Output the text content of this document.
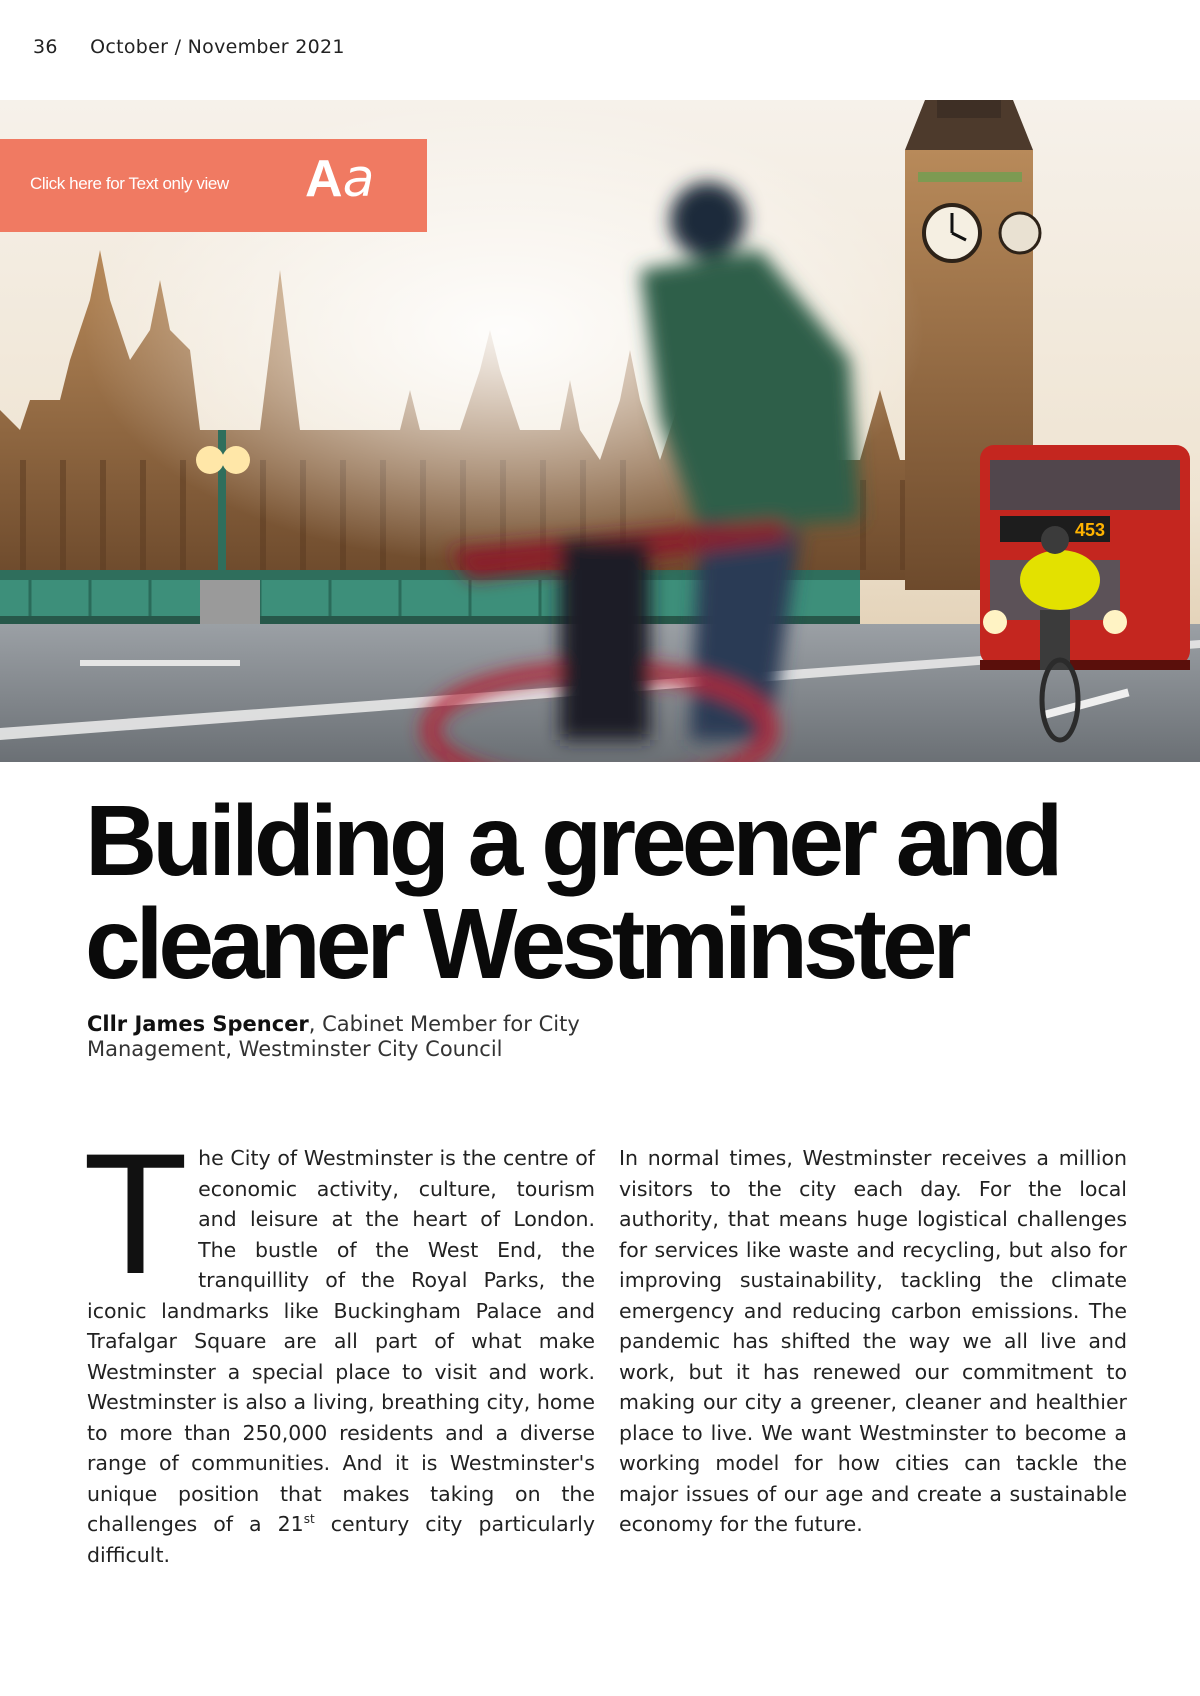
36 October / November 2021
453
Click here for Text only view Aa
Building a greener and
cleaner Westminster
Cllr James Spencer, Cabinet Member for City Management, Westminster City Council
T he City of Westminster is the centre of economic activity, culture, tourism and leisure at the heart of London. The bustle of the West End, the tranquillity of the Royal Parks, the iconic landmarks like Buckingham Palace and Trafalgar Square are all part of what make Westminster a special place to visit and work. Westminster is also a living, breathing city, home to more than 250,000 residents and a diverse range of communities. And it is Westminster's unique position that makes taking on the challenges of a 21st century city particularly difficult.

In normal times, Westminster receives a million visitors to the city each day. For the local authority, that means huge logistical challenges for services like waste and recycling, but also for improving sustainability, tackling the climate emergency and reducing carbon emissions. The pandemic has shifted the way we all live and work, but it has renewed our commitment to making our city a greener, cleaner and healthier place to live. We want Westminster to become a working model for how cities can tackle the major issues of our age and create a sustainable economy for the future.
